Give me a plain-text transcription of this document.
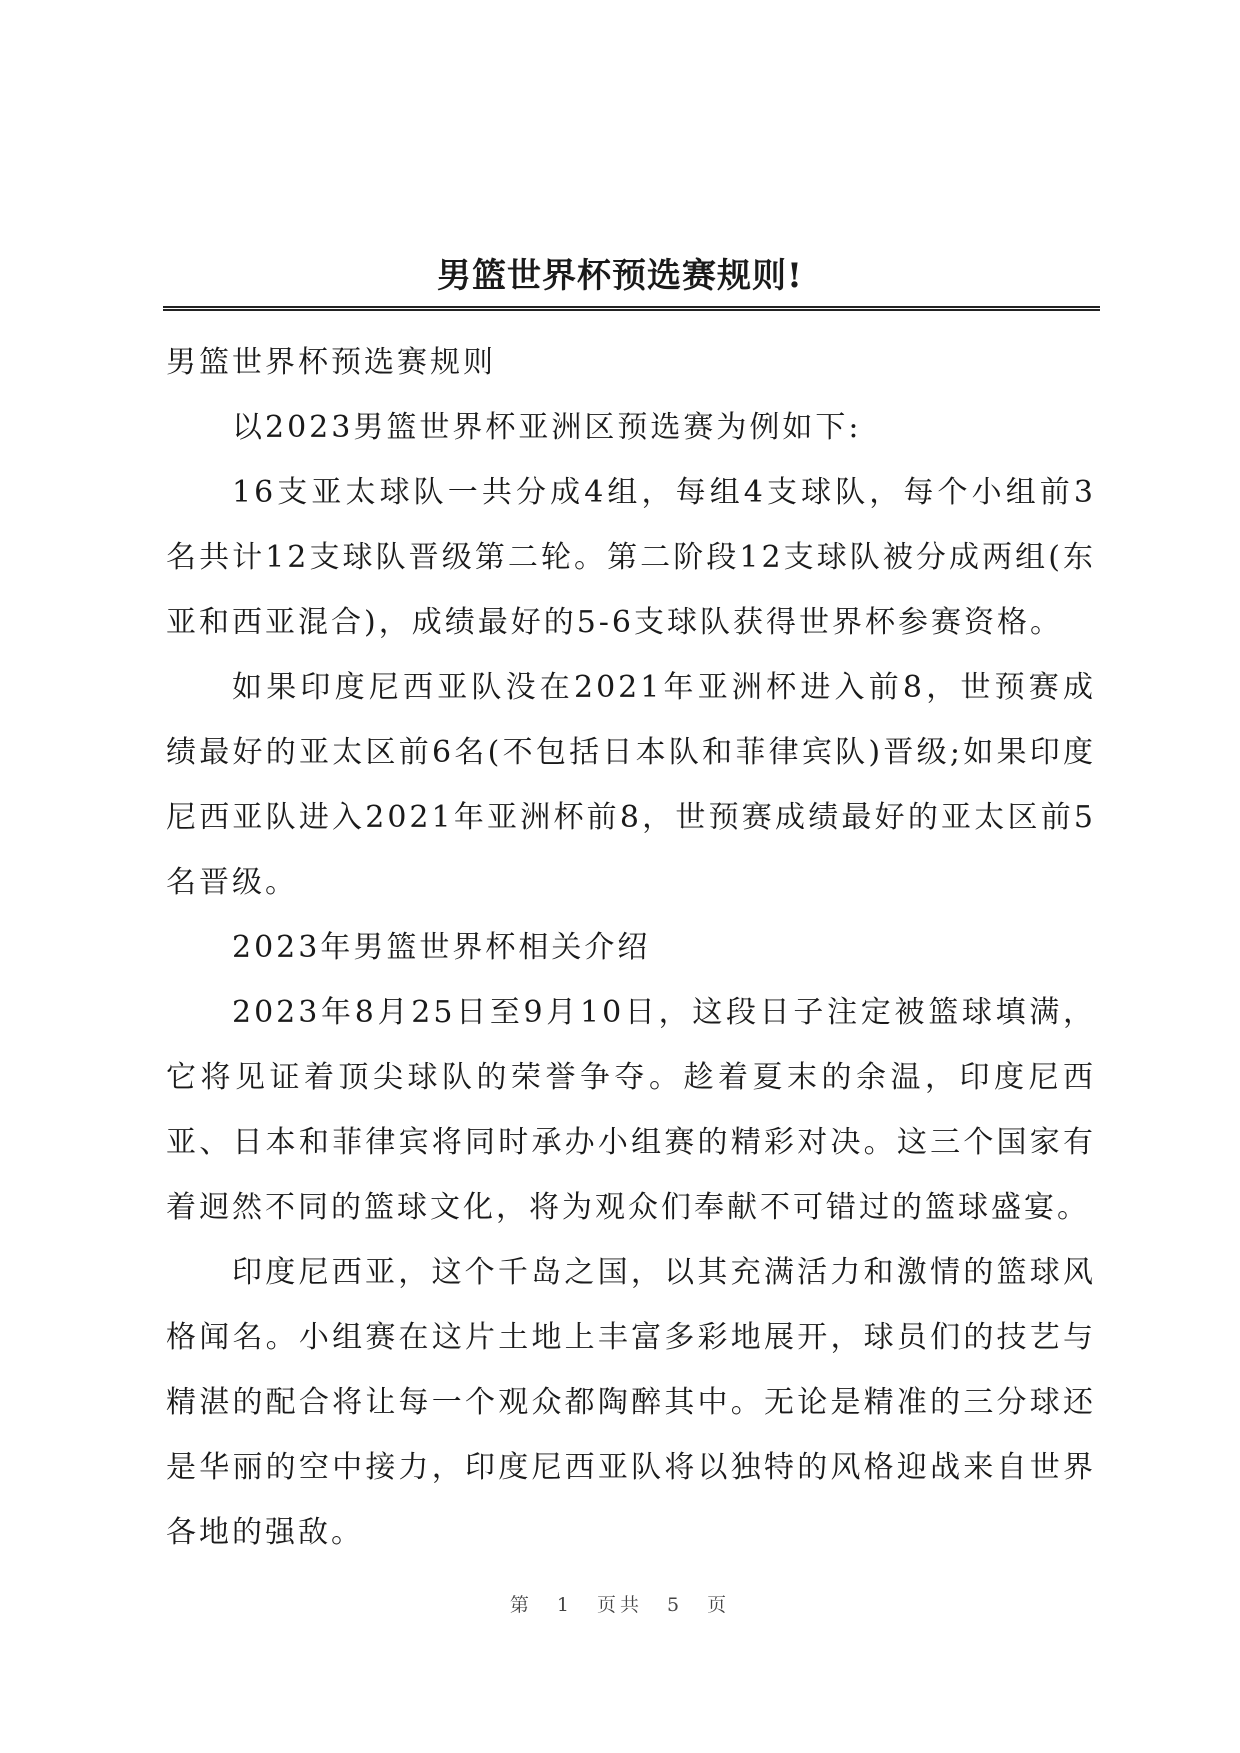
男篮世界杯预选赛规则!

男篮世界杯预选赛规则

以2023男篮世界杯亚洲区预选赛为例如下:

16支亚太球队一共分成4组，每组4支球队，每个小组前3名共计12支球队晋级第二轮。第二阶段12支球队被分成两组(东亚和西亚混合)，成绩最好的5-6支球队获得世界杯参赛资格。

如果印度尼西亚队没在2021年亚洲杯进入前8，世预赛成绩最好的亚太区前6名(不包括日本队和菲律宾队)晋级;如果印度尼西亚队进入2021年亚洲杯前8，世预赛成绩最好的亚太区前5名晋级。

2023年男篮世界杯相关介绍

2023年8月25日至9月10日，这段日子注定被篮球填满，它将见证着顶尖球队的荣誉争夺。趁着夏末的余温，印度尼西亚、日本和菲律宾将同时承办小组赛的精彩对决。这三个国家有着迥然不同的篮球文化，将为观众们奉献不可错过的篮球盛宴。

印度尼西亚，这个千岛之国，以其充满活力和激情的篮球风格闻名。小组赛在这片土地上丰富多彩地展开，球员们的技艺与精湛的配合将让每一个观众都陶醉其中。无论是精准的三分球还是华丽的空中接力，印度尼西亚队将以独特的风格迎战来自世界各地的强敌。

第 1 页共 5 页
